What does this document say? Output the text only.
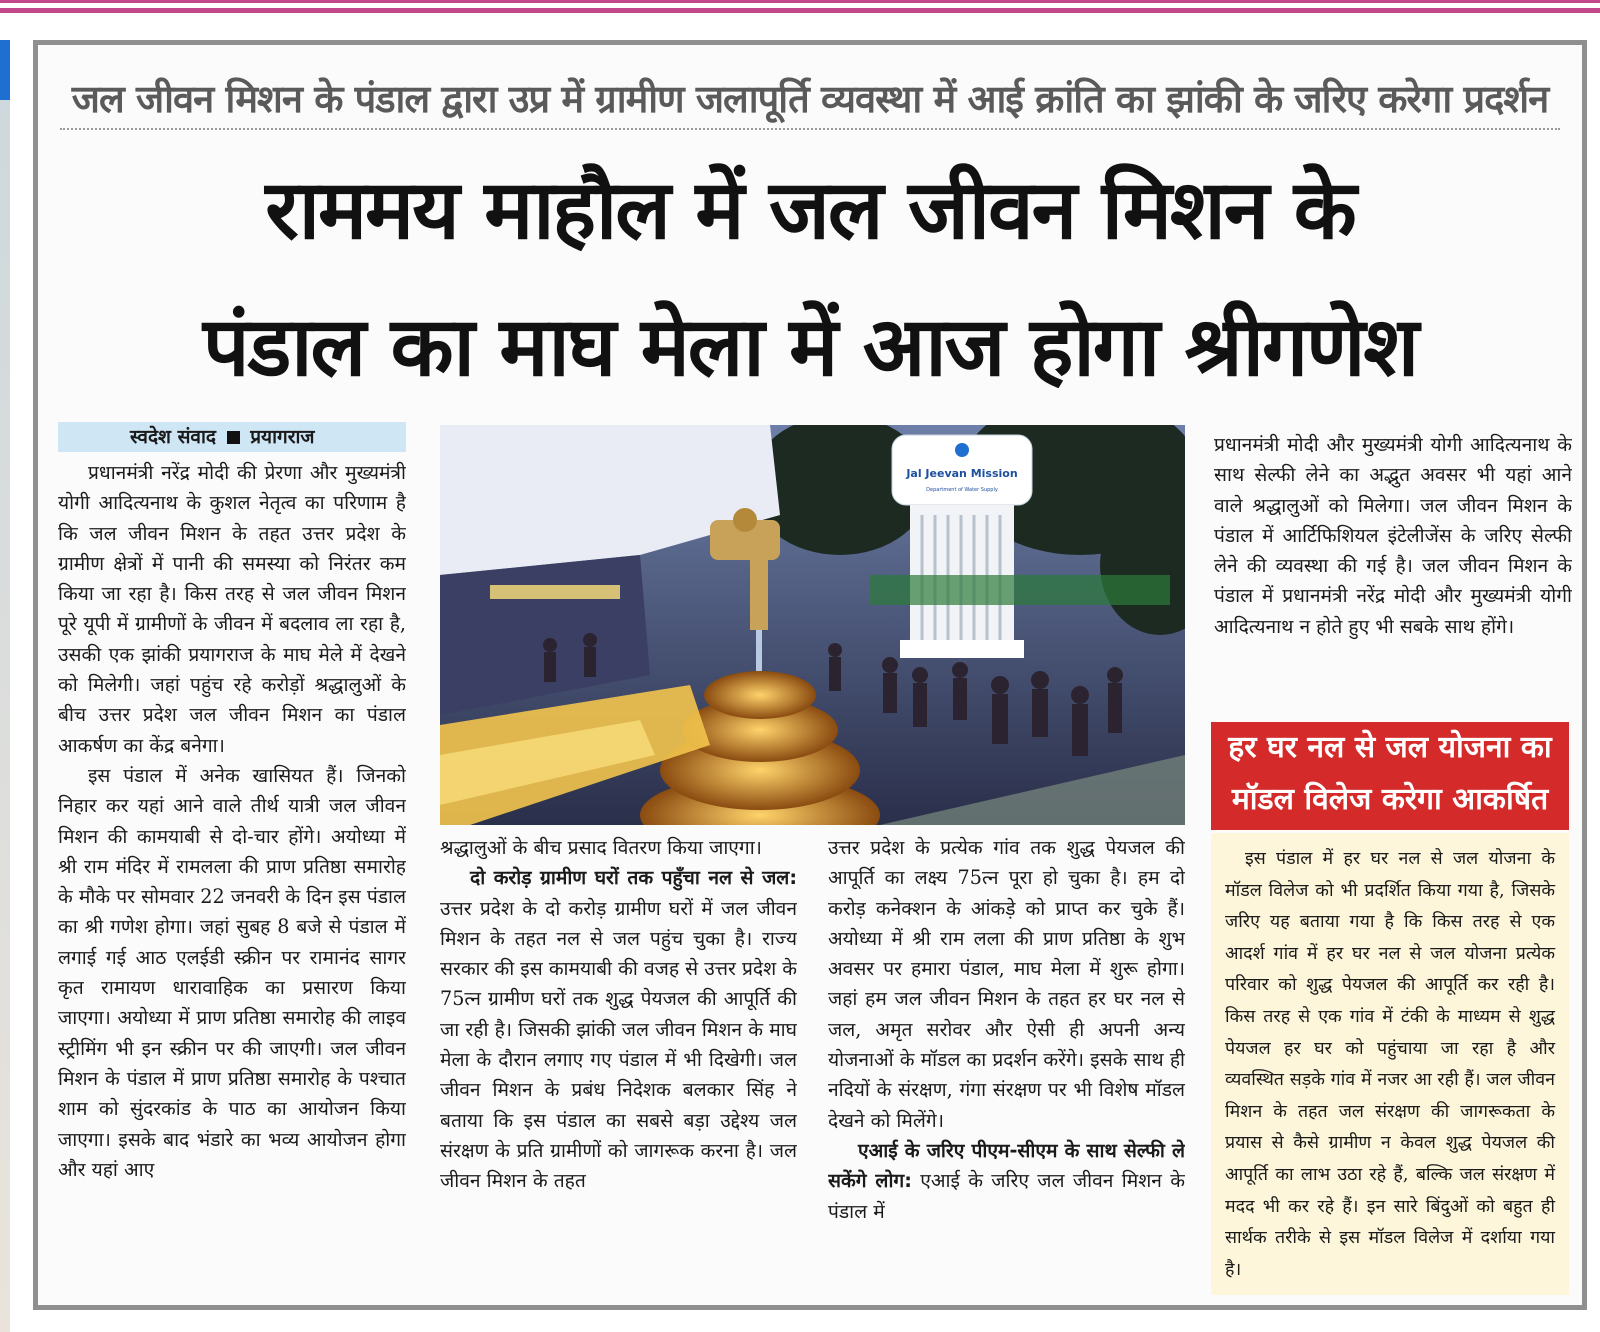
जल जीवन मिशन के पंडाल द्वारा उप्र में ग्रामीण जलापूर्ति व्यवस्था में आई क्रांति का झांकी के जरिए करेगा प्रदर्शन
राममय माहौल में जल जीवन मिशन के
पंडाल का माघ मेला में आज होगा श्रीगणेश
स्वदेश संवाद प्रयागराज

प्रधानमंत्री नरेंद्र मोदी की प्रेरणा और मुख्यमंत्री योगी आदित्यनाथ के कुशल नेतृत्व का परिणाम है कि जल जीवन मिशन के तहत उत्तर प्रदेश के ग्रामीण क्षेत्रों में पानी की समस्या को निरंतर कम किया जा रहा है। किस तरह से जल जीवन मिशन पूरे यूपी में ग्रामीणों के जीवन में बदलाव ला रहा है, उसकी एक झांकी प्रयागराज के माघ मेले में देखने को मिलेगी। जहां पहुंच रहे करोड़ों श्रद्धालुओं के बीच उत्तर प्रदेश जल जीवन मिशन का पंडाल आकर्षण का केंद्र बनेगा।

इस पंडाल में अनेक खासियत हैं। जिनको निहार कर यहां आने वाले तीर्थ यात्री जल जीवन मिशन की कामयाबी से दो-चार होंगे। अयोध्या में श्री राम मंदिर में रामलला की प्राण प्रतिष्ठा समारोह के मौके पर सोमवार 22 जनवरी के दिन इस पंडाल का श्री गणेश होगा। जहां सुबह 8 बजे से पंडाल में लगाई गई आठ एलईडी स्क्रीन पर रामानंद सागर कृत रामायण धारावाहिक का प्रसारण किया जाएगा। अयोध्या में प्राण प्रतिष्ठा समारोह की लाइव स्ट्रीमिंग भी इन स्क्रीन पर की जाएगी। जल जीवन मिशन के पंडाल में प्राण प्रतिष्ठा समारोह के पश्चात शाम को सुंदरकांड के पाठ का आयोजन किया जाएगा। इसके बाद भंडारे का भव्य आयोजन होगा और यहां आए

Jal Jeevan Mission
Department of Water Supply

श्रद्धालुओं के बीच प्रसाद वितरण किया जाएगा।

दो करोड़ ग्रामीण घरों तक पहुँचा नल से जल: उत्तर प्रदेश के दो करोड़ ग्रामीण घरों में जल जीवन मिशन के तहत नल से जल पहुंच चुका है। राज्य सरकार की इस कामयाबी की वजह से उत्तर प्रदेश के 75त्न ग्रामीण घरों तक शुद्ध पेयजल की आपूर्ति की जा रही है। जिसकी झांकी जल जीवन मिशन के माघ मेला के दौरान लगाए गए पंडाल में भी दिखेगी। जल जीवन मिशन के प्रबंध निदेशक बलकार सिंह ने बताया कि इस पंडाल का सबसे बड़ा उद्देश्य जल संरक्षण के प्रति ग्रामीणों को जागरूक करना है। जल जीवन मिशन के तहत

उत्तर प्रदेश के प्रत्येक गांव तक शुद्ध पेयजल की आपूर्ति का लक्ष्य 75त्न पूरा हो चुका है। हम दो करोड़ कनेक्शन के आंकड़े को प्राप्त कर चुके हैं। अयोध्या में श्री राम लला की प्राण प्रतिष्ठा के शुभ अवसर पर हमारा पंडाल, माघ मेला में शुरू होगा। जहां हम जल जीवन मिशन के तहत हर घर नल से जल, अमृत सरोवर और ऐसी ही अपनी अन्य योजनाओं के मॉडल का प्रदर्शन करेंगे। इसके साथ ही नदियों के संरक्षण, गंगा संरक्षण पर भी विशेष मॉडल देखने को मिलेंगे।

एआई के जरिए पीएम-सीएम के साथ सेल्फी ले सकेंगे लोग: एआई के जरिए जल जीवन मिशन के पंडाल में

प्रधानमंत्री मोदी और मुख्यमंत्री योगी आदित्यनाथ के साथ सेल्फी लेने का अद्भुत अवसर भी यहां आने वाले श्रद्धालुओं को मिलेगा। जल जीवन मिशन के पंडाल में आर्टिफिशियल इंटेलीजेंस के जरिए सेल्फी लेने की व्यवस्था की गई है। जल जीवन मिशन के पंडाल में प्रधानमंत्री नरेंद्र मोदी और मुख्यमंत्री योगी आदित्यनाथ न होते हुए भी सबके साथ होंगे।

हर घर नल से जल योजना का
मॉडल विलेज करेगा आकर्षित

इस पंडाल में हर घर नल से जल योजना के मॉडल विलेज को भी प्रदर्शित किया गया है, जिसके जरिए यह बताया गया है कि किस तरह से एक आदर्श गांव में हर घर नल से जल योजना प्रत्येक परिवार को शुद्ध पेयजल की आपूर्ति कर रही है। किस तरह से एक गांव में टंकी के माध्यम से शुद्ध पेयजल हर घर को पहुंचाया जा रहा है और व्यवस्थित सड़के गांव में नजर आ रही हैं। जल जीवन मिशन के तहत जल संरक्षण की जागरूकता के प्रयास से कैसे ग्रामीण न केवल शुद्ध पेयजल की आपूर्ति का लाभ उठा रहे हैं, बल्कि जल संरक्षण में मदद भी कर रहे हैं। इन सारे बिंदुओं को बहुत ही सार्थक तरीके से इस मॉडल विलेज में दर्शाया गया है।
